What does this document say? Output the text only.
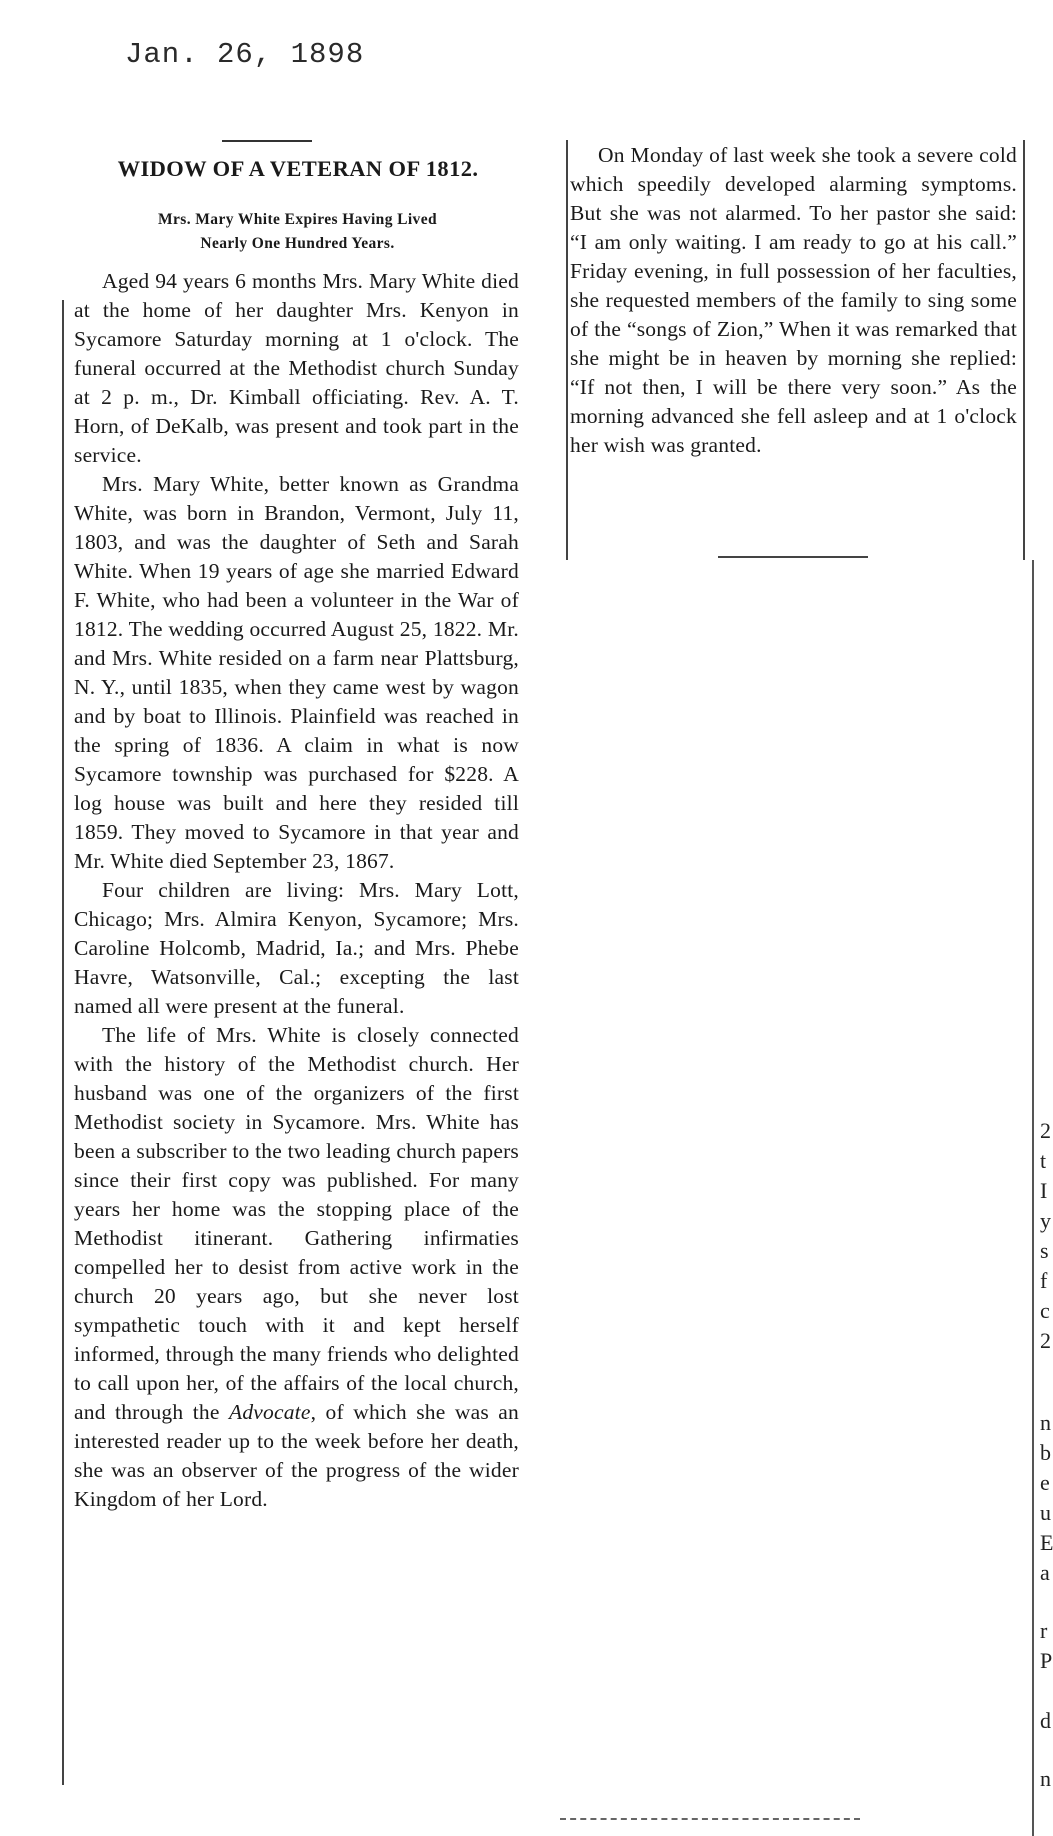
Jan. 26, 1898
WIDOW OF A VETERAN OF 1812.
Mrs. Mary White Expires Having Lived
Nearly One Hundred Years.

Aged 94 years 6 months Mrs. Mary White died at the home of her daughter Mrs. Kenyon in Sycamore Saturday morning at 1 o'clock. The funeral occurred at the Methodist church Sunday at 2 p. m., Dr. Kimball officiating. Rev. A. T. Horn, of DeKalb, was present and took part in the service.

Mrs. Mary White, better known as Grandma White, was born in Brandon, Vermont, July 11, 1803, and was the daughter of Seth and Sarah White. When 19 years of age she married Edward F. White, who had been a volunteer in the War of 1812. The wedding occurred August 25, 1822. Mr. and Mrs. White resided on a farm near Plattsburg, N. Y., until 1835, when they came west by wagon and by boat to Illinois. Plainfield was reached in the spring of 1836. A claim in what is now Sycamore township was purchased for $228. A log house was built and here they resided till 1859. They moved to Sycamore in that year and Mr. White died September 23, 1867.

Four children are living: Mrs. Mary Lott, Chicago; Mrs. Almira Kenyon, Sycamore; Mrs. Caroline Holcomb, Madrid, Ia.; and Mrs. Phebe Havre, Watsonville, Cal.; excepting the last named all were present at the funeral.

The life of Mrs. White is closely connected with the history of the Methodist church. Her husband was one of the organizers of the first Methodist society in Sycamore. Mrs. White has been a subscriber to the two leading church papers since their first copy was published. For many years her home was the stopping place of the Methodist itinerant. Gathering infirmaties compelled her to desist from active work in the church 20 years ago, but she never lost sympathetic touch with it and kept herself informed, through the many friends who delighted to call upon her, of the affairs of the local church, and through the Advocate, of which she was an interested reader up to the week before her death, she was an observer of the progress of the wider Kingdom of her Lord.

On Monday of last week she took a severe cold which speedily developed alarming symptoms. But she was not alarmed. To her pastor she said: “I am only waiting. I am ready to go at his call.” Friday evening, in full possession of her faculties, she requested members of the family to sing some of the “songs of Zion,” When it was remarked that she might be in heaven by morning she replied: “If not then, I will be there very soon.” As the morning advanced she fell asleep and at 1 o'clock her wish was granted.

2
t
I
y
s
f
c
2
n
b
e
u
E
a
r
P
d
n
